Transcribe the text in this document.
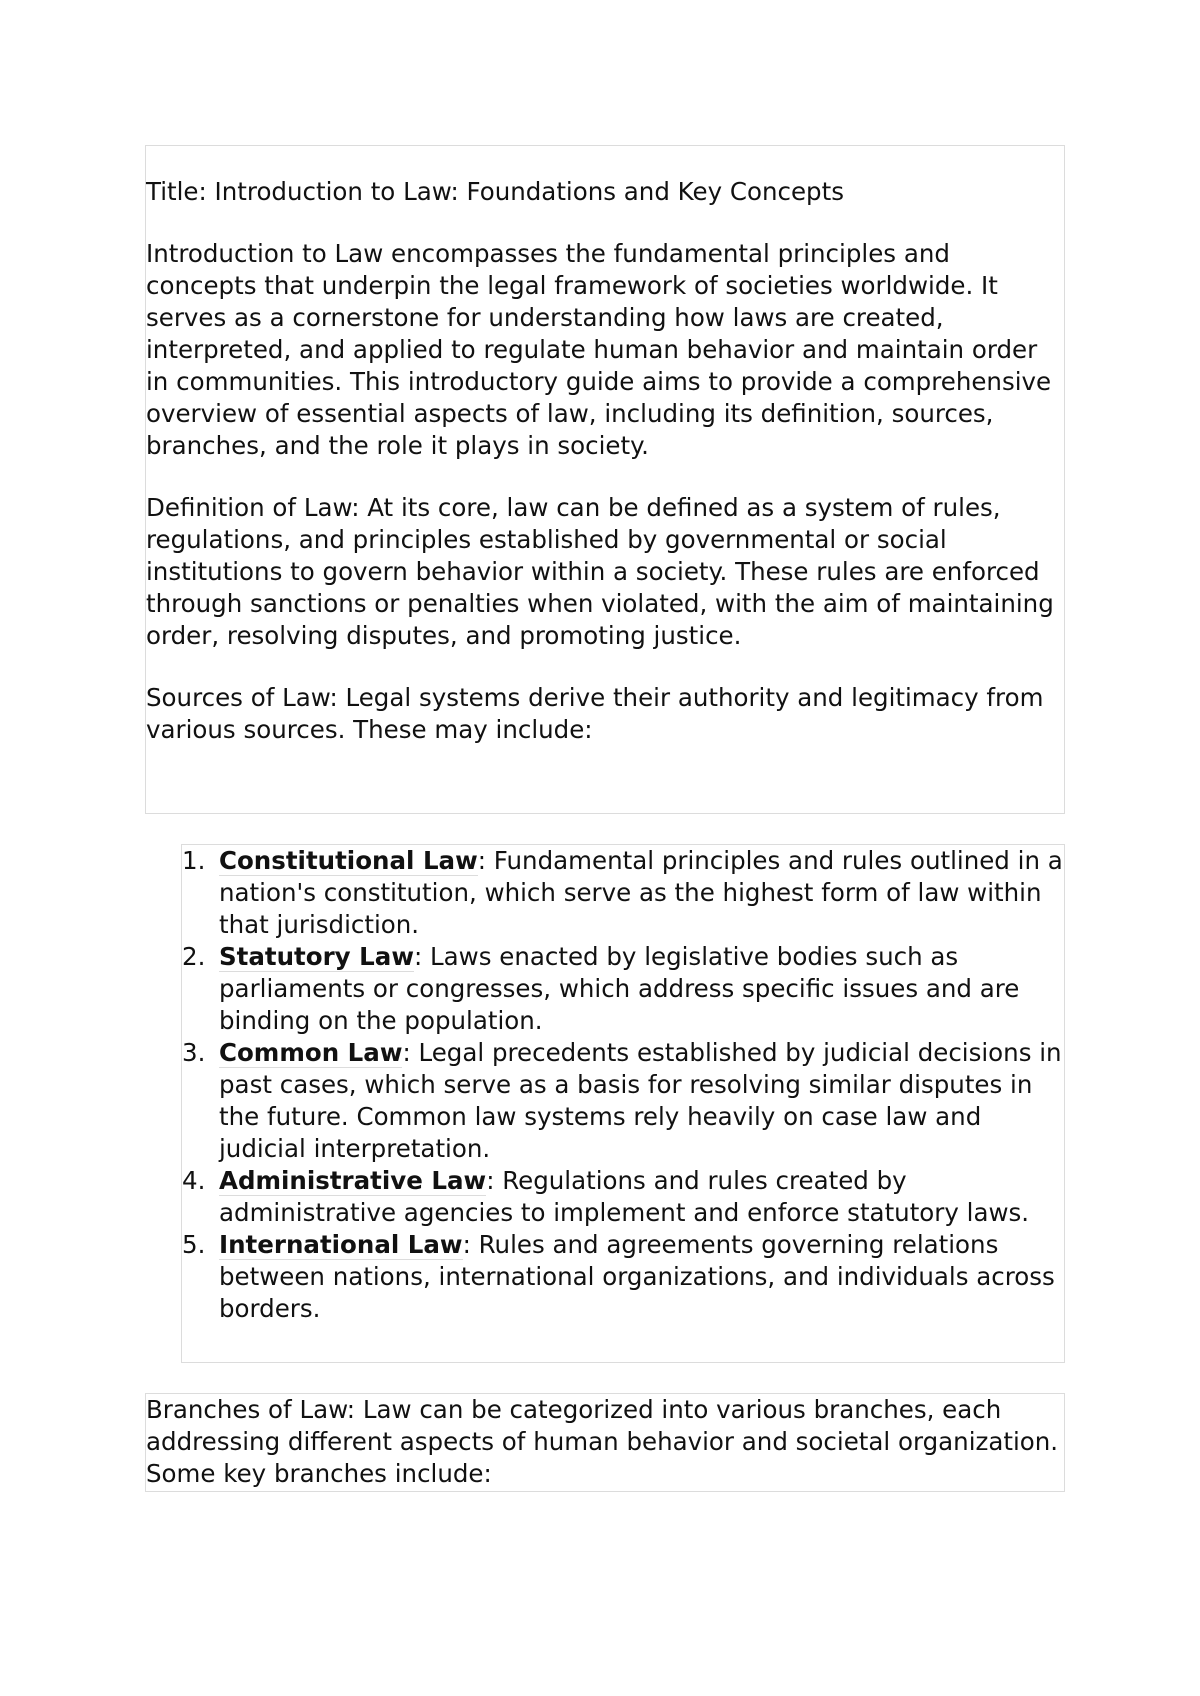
Title: Introduction to Law: Foundations and Key Concepts

Introduction to Law encompasses the fundamental principles and concepts that underpin the legal framework of societies worldwide. It serves as a cornerstone for understanding how laws are created, interpreted, and applied to regulate human behavior and maintain order in communities. This introductory guide aims to provide a comprehensive overview of essential aspects of law, including its definition, sources, branches, and the role it plays in society.

Definition of Law: At its core, law can be defined as a system of rules, regulations, and principles established by governmental or social institutions to govern behavior within a society. These rules are enforced through sanctions or penalties when violated, with the aim of maintaining order, resolving disputes, and promoting justice.

Sources of Law: Legal systems derive their authority and legitimacy from various sources. These may include:

1. Constitutional Law: Fundamental principles and rules outlined in a nation's constitution, which serve as the highest form of law within that jurisdiction.
2. Statutory Law: Laws enacted by legislative bodies such as parliaments or congresses, which address specific issues and are binding on the population.
3. Common Law: Legal precedents established by judicial decisions in past cases, which serve as a basis for resolving similar disputes in the future. Common law systems rely heavily on case law and judicial interpretation.
4. Administrative Law: Regulations and rules created by administrative agencies to implement and enforce statutory laws.
5. International Law: Rules and agreements governing relations between nations, international organizations, and individuals across borders.

Branches of Law: Law can be categorized into various branches, each addressing different aspects of human behavior and societal organization. Some key branches include:
